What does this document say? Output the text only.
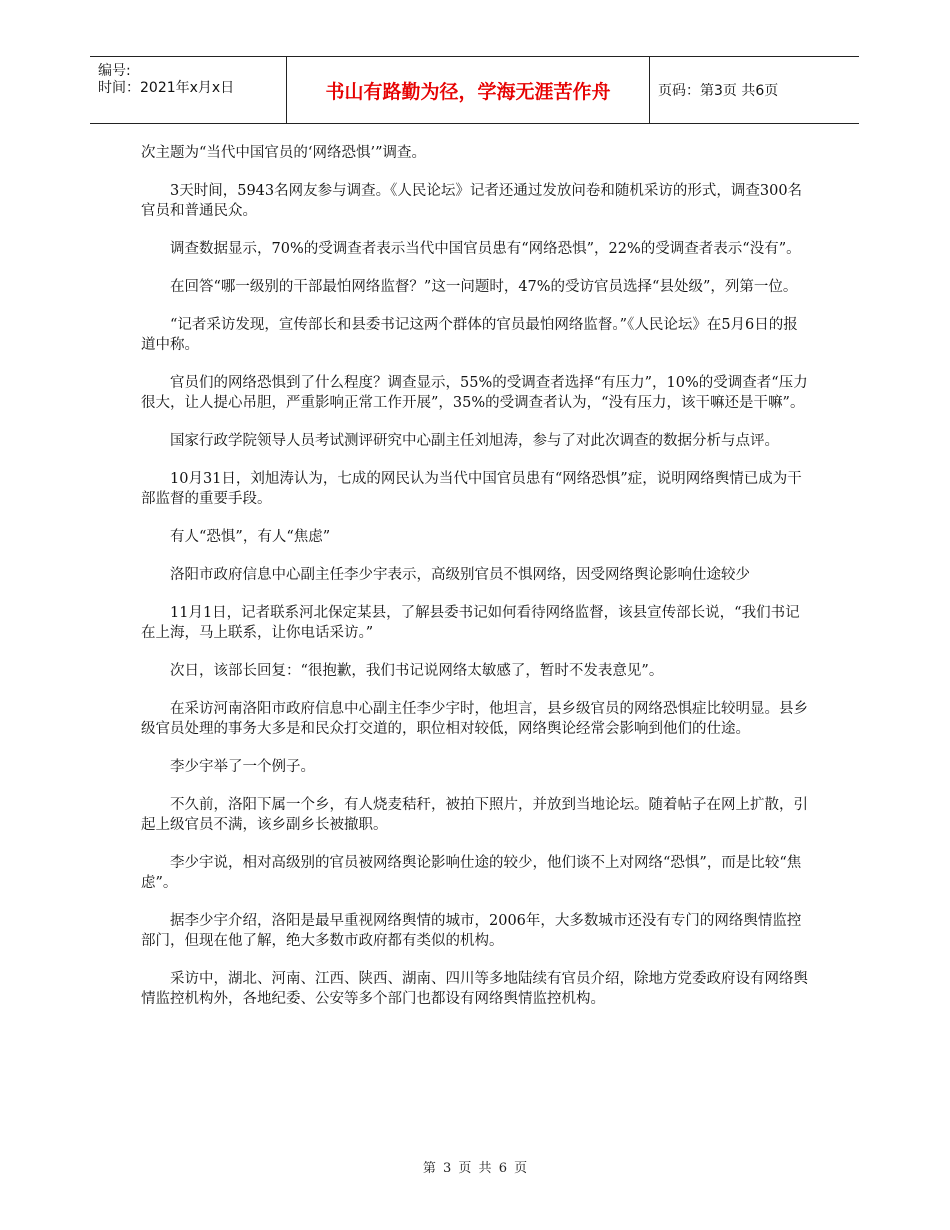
编号:
时间：2021年x月x日	书山有路勤为径，学海无涯苦作舟	页码：第3页 共6页

次主题为“当代中国官员的‘网络恐惧’”调查。

3天时间，5943名网友参与调查。《人民论坛》记者还通过发放问卷和随机采访的形式，调查300名官员和普通民众。

调查数据显示，70%的受调查者表示当代中国官员患有“网络恐惧”，22%的受调查者表示“没有”。

在回答“哪一级别的干部最怕网络监督？”这一问题时，47%的受访官员选择“县处级”，列第一位。

“记者采访发现，宣传部长和县委书记这两个群体的官员最怕网络监督。”《人民论坛》在5月6日的报道中称。

官员们的网络恐惧到了什么程度？调查显示，55%的受调查者选择“有压力”，10%的受调查者“压力很大，让人提心吊胆，严重影响正常工作开展”，35%的受调查者认为，“没有压力，该干嘛还是干嘛”。

国家行政学院领导人员考试测评研究中心副主任刘旭涛，参与了对此次调查的数据分析与点评。

10月31日，刘旭涛认为，七成的网民认为当代中国官员患有“网络恐惧”症，说明网络舆情已成为干部监督的重要手段。

有人“恐惧”，有人“焦虑”

洛阳市政府信息中心副主任李少宇表示，高级别官员不惧网络，因受网络舆论影响仕途较少

11月1日，记者联系河北保定某县，了解县委书记如何看待网络监督，该县宣传部长说，“我们书记在上海，马上联系，让你电话采访。”

次日，该部长回复：“很抱歉，我们书记说网络太敏感了，暂时不发表意见”。

在采访河南洛阳市政府信息中心副主任李少宇时，他坦言，县乡级官员的网络恐惧症比较明显。县乡级官员处理的事务大多是和民众打交道的，职位相对较低，网络舆论经常会影响到他们的仕途。

李少宇举了一个例子。

不久前，洛阳下属一个乡，有人烧麦秸秆，被拍下照片，并放到当地论坛。随着帖子在网上扩散，引起上级官员不满，该乡副乡长被撤职。

李少宇说，相对高级别的官员被网络舆论影响仕途的较少，他们谈不上对网络“恐惧”，而是比较“焦虑”。

据李少宇介绍，洛阳是最早重视网络舆情的城市，2006年，大多数城市还没有专门的网络舆情监控部门，但现在他了解，绝大多数市政府都有类似的机构。

采访中，湖北、河南、江西、陕西、湖南、四川等多地陆续有官员介绍，除地方党委政府设有网络舆情监控机构外，各地纪委、公安等多个部门也都设有网络舆情监控机构。

第 3 页 共 6 页
